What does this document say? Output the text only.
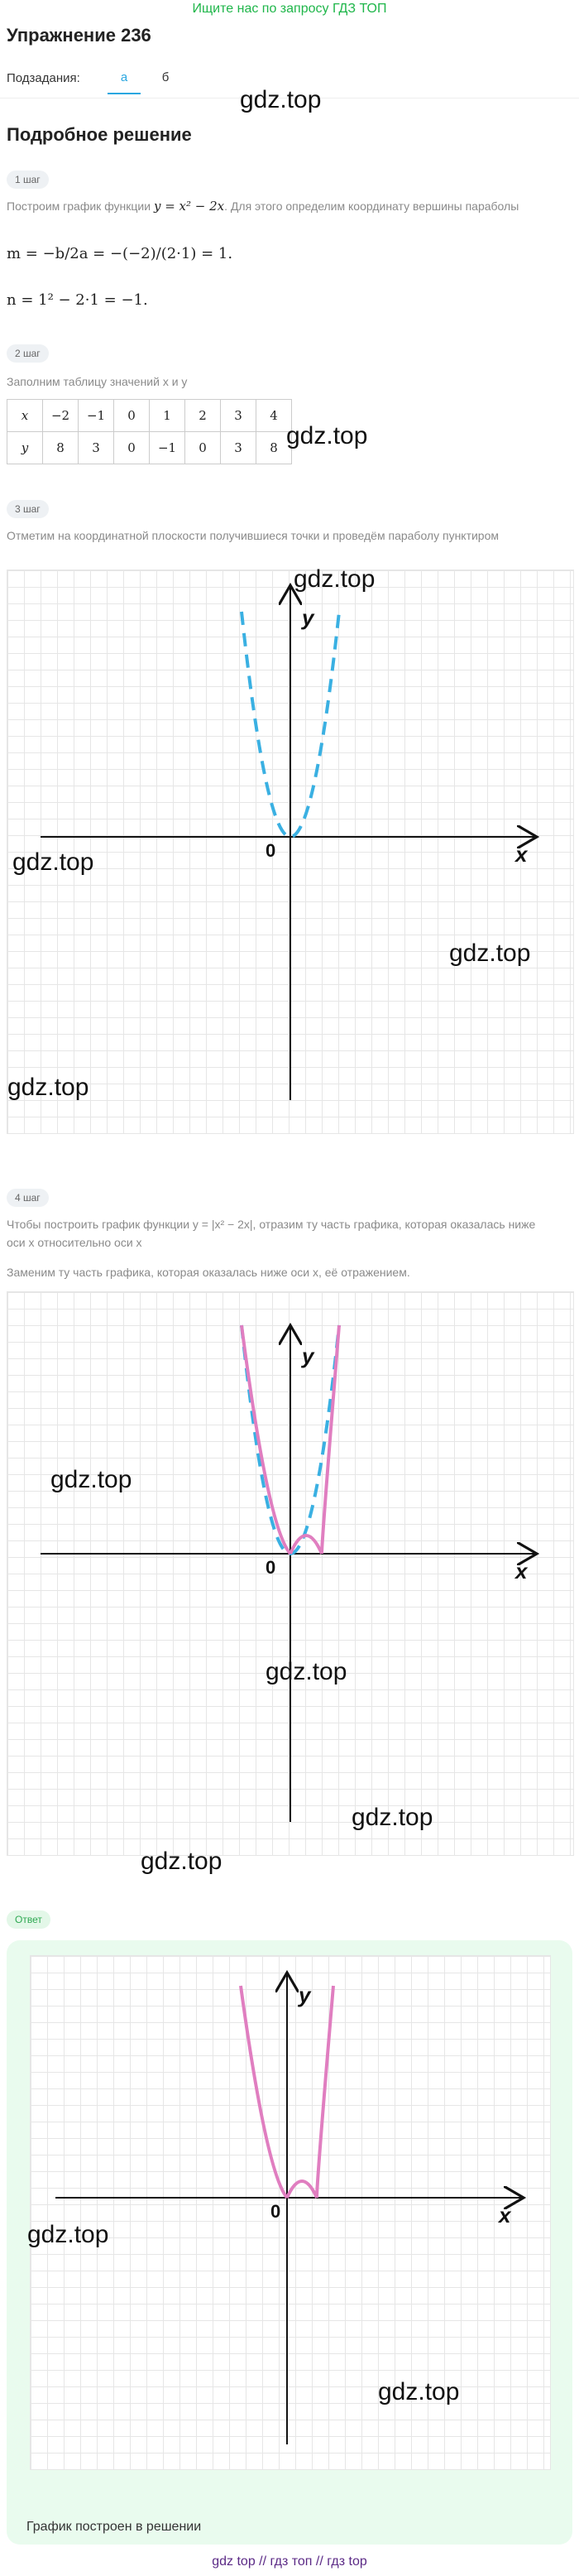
Ищите нас по запросу ГДЗ ТОП
Упражнение 236
Подзадания:	а	б
Подробное решение
1 шаг
Построим график функции y = x² − 2x. Для этого определим координату вершины параболы
m = −b/2a = −(−2)/(2·1) = 1.
n = 1² − 2·1 = −1.
2 шаг
Заполним таблицу значений x и y
x	−2	−1	0	1	2	3	4
y	8	3	0	−1	0	3	8 gdz.top
gdz.top
3 шаг
Отметим на координатной плоскости получившиеся точки и проведём параболу пунктиром
y
x
0
gdz.top
gdz.top
gdz.top
gdz.top
4 шаг
Чтобы построить график функции y = |x² − 2x|, отразим ту часть графика, которая оказалась ниже оси x относительно оси x
Заменим ту часть графика, которая оказалась ниже оси x, её отражением.
y
x
0
gdz.top
gdz.top
gdz.top
gdz.top
Ответ
y
x
0
gdz.top
gdz.top
График построен в решении
gdz top // гдз топ // гдз top
